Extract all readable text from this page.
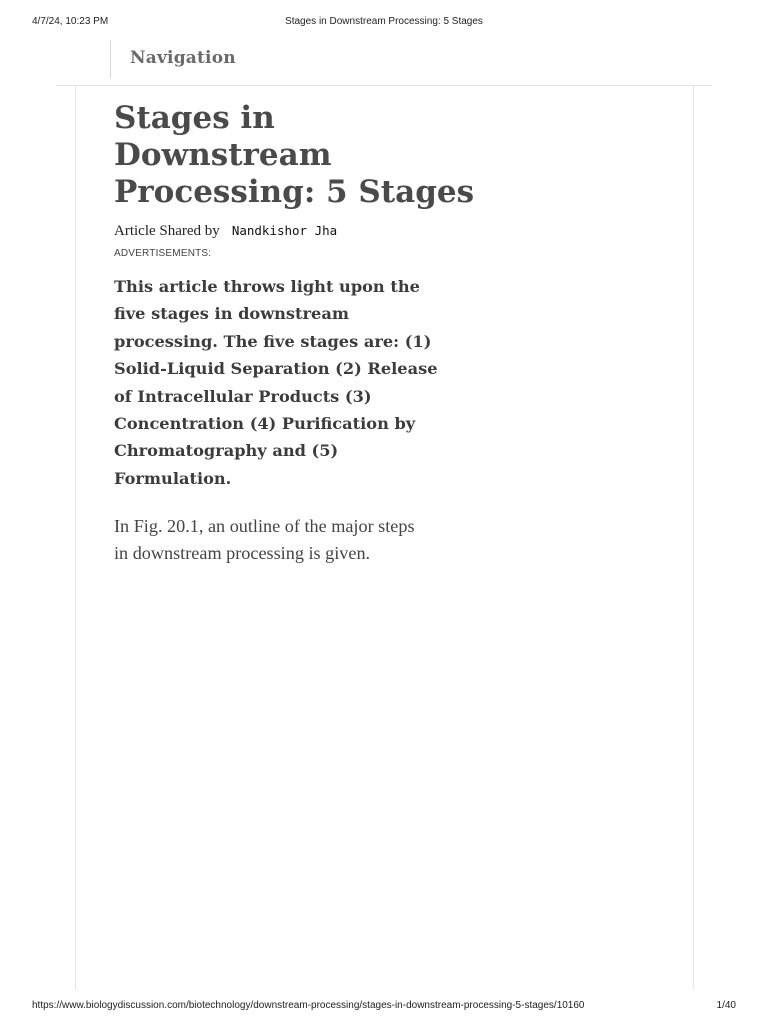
4/7/24, 10:23 PM	Stages in Downstream Processing: 5 Stages
Navigation
Stages in
Downstream
Processing: 5 Stages
Article Shared by Nandkishor Jha
ADVERTISEMENTS:

This article throws light upon the
five stages in downstream
processing. The five stages are: (1)
Solid-Liquid Separation (2) Release
of Intracellular Products (3)
Concentration (4) Purification by
Chromatography and (5)
Formulation.

In Fig. 20.1, an outline of the major steps
in downstream processing is given.

https://www.biologydiscussion.com/biotechnology/downstream-processing/stages-in-downstream-processing-5-stages/10160	1/40
